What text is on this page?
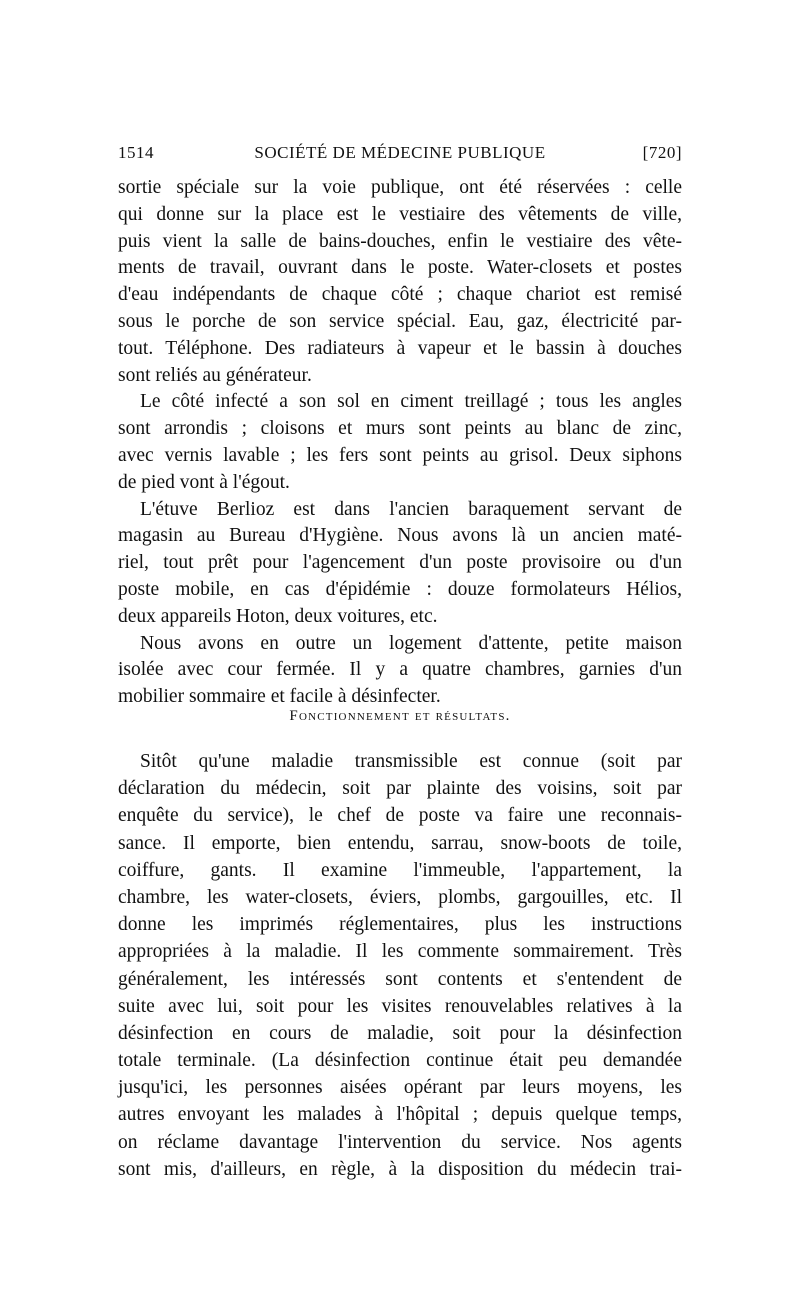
1514	SOCIÉTÉ DE MÉDECINE PUBLIQUE	[720]
sortie spéciale sur la voie publique, ont été réservées : celle
qui donne sur la place est le vestiaire des vêtements de ville,
puis vient la salle de bains-douches, enfin le vestiaire des vête-
ments de travail, ouvrant dans le poste. Water-closets et postes
d'eau indépendants de chaque côté ; chaque chariot est remisé
sous le porche de son service spécial. Eau, gaz, électricité par-
tout. Téléphone. Des radiateurs à vapeur et le bassin à douches
sont reliés au générateur.
Le côté infecté a son sol en ciment treillagé ; tous les angles
sont arrondis ; cloisons et murs sont peints au blanc de zinc,
avec vernis lavable ; les fers sont peints au grisol. Deux siphons
de pied vont à l'égout.
L'étuve Berlioz est dans l'ancien baraquement servant de
magasin au Bureau d'Hygiène. Nous avons là un ancien maté-
riel, tout prêt pour l'agencement d'un poste provisoire ou d'un
poste mobile, en cas d'épidémie : douze formolateurs Hélios,
deux appareils Hoton, deux voitures, etc.
Nous avons en outre un logement d'attente, petite maison
isolée avec cour fermée. Il y a quatre chambres, garnies d'un
mobilier sommaire et facile à désinfecter.
Fonctionnement et résultats.
Sitôt qu'une maladie transmissible est connue (soit par
déclaration du médecin, soit par plainte des voisins, soit par
enquête du service), le chef de poste va faire une reconnais-
sance. Il emporte, bien entendu, sarrau, snow-boots de toile,
coiffure, gants. Il examine l'immeuble, l'appartement, la
chambre, les water-closets, éviers, plombs, gargouilles, etc. Il
donne les imprimés réglementaires, plus les instructions
appropriées à la maladie. Il les commente sommairement. Très
généralement, les intéressés sont contents et s'entendent de
suite avec lui, soit pour les visites renouvelables relatives à la
désinfection en cours de maladie, soit pour la désinfection
totale terminale. (La désinfection continue était peu demandée
jusqu'ici, les personnes aisées opérant par leurs moyens, les
autres envoyant les malades à l'hôpital ; depuis quelque temps,
on réclame davantage l'intervention du service. Nos agents
sont mis, d'ailleurs, en règle, à la disposition du médecin trai-
